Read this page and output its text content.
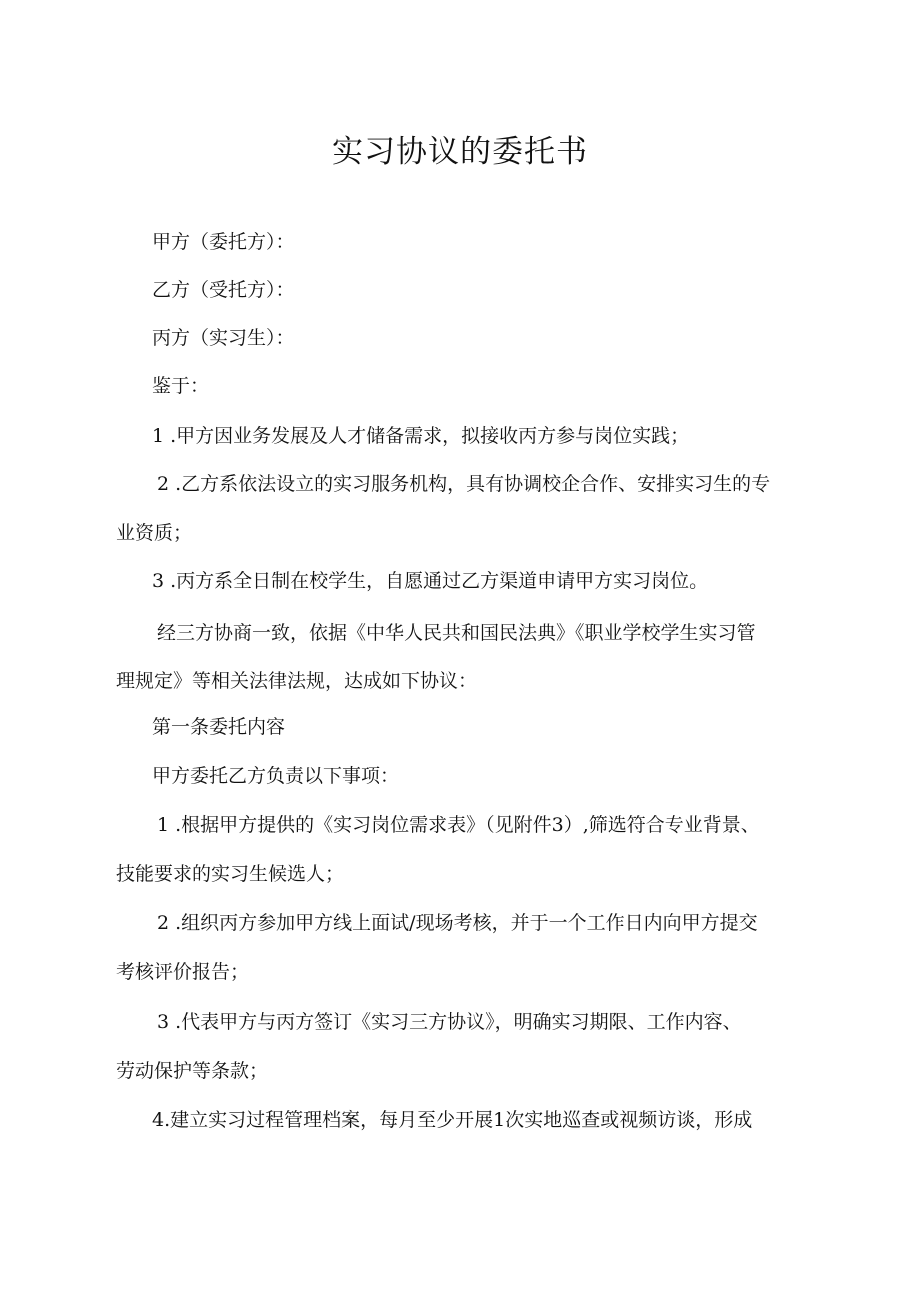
实习协议的委托书

甲方（委托方）：

乙方（受托方）：

丙方（实习生）：

鉴于：

1 .甲方因业务发展及人才储备需求，拟接收丙方参与岗位实践；

2 .乙方系依法设立的实习服务机构，具有协调校企合作、安排实习生的专

业资质；

3 .丙方系全日制在校学生，自愿通过乙方渠道申请甲方实习岗位。

经三方协商一致，依据《中华人民共和国民法典》《职业学校学生实习管

理规定》等相关法律法规，达成如下协议：

第一条委托内容

甲方委托乙方负责以下事项：

1 .根据甲方提供的《实习岗位需求表》（见附件3）,筛选符合专业背景、

技能要求的实习生候选人；

2 .组织丙方参加甲方线上面试/现场考核，并于一个工作日内向甲方提交

考核评价报告；

3 .代表甲方与丙方签订《实习三方协议》，明确实习期限、工作内容、

劳动保护等条款；

4.建立实习过程管理档案，每月至少开展1次实地巡查或视频访谈，形成
